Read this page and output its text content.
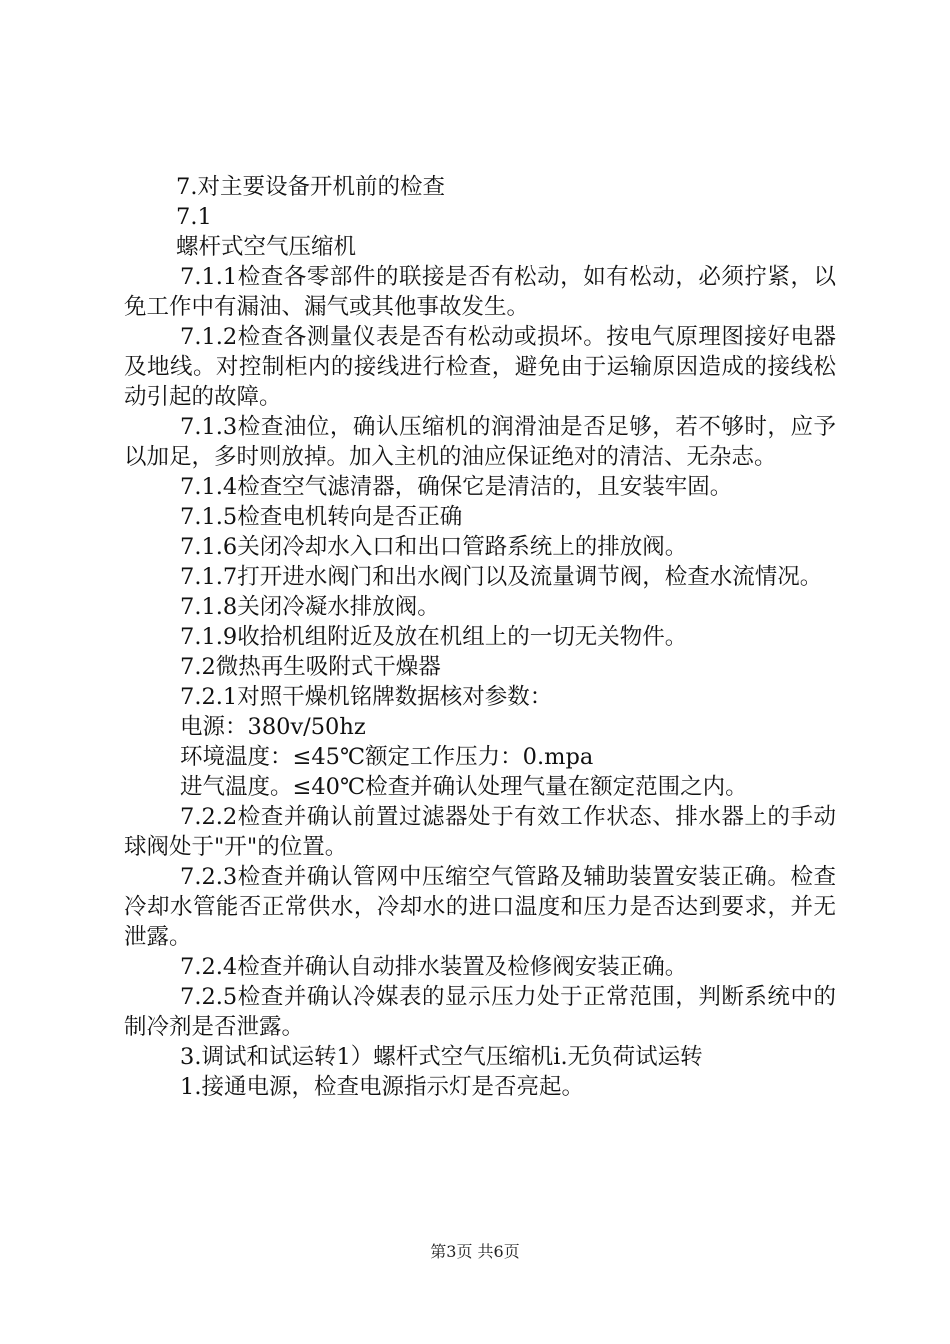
7.对主要设备开机前的检查
7.1
螺杆式空气压缩机
7.1.1检查各零部件的联接是否有松动，如有松动，必须拧紧，以免工作中有漏油、漏气或其他事故发生。
7.1.2检查各测量仪表是否有松动或损坏。按电气原理图接好电器及地线。对控制柜内的接线进行检查，避免由于运输原因造成的接线松动引起的故障。
7.1.3检查油位，确认压缩机的润滑油是否足够，若不够时，应予以加足，多时则放掉。加入主机的油应保证绝对的清洁、无杂志。
7.1.4检查空气滤清器，确保它是清洁的，且安装牢固。
7.1.5检查电机转向是否正确
7.1.6关闭冷却水入口和出口管路系统上的排放阀。
7.1.7打开进水阀门和出水阀门以及流量调节阀，检查水流情况。
7.1.8关闭冷凝水排放阀。
7.1.9收拾机组附近及放在机组上的一切无关物件。
7.2微热再生吸附式干燥器
7.2.1对照干燥机铭牌数据核对参数：
电源：380v/50hz
环境温度：≤45℃额定工作压力：0.mpa
进气温度。≤40℃检查并确认处理气量在额定范围之内。
7.2.2检查并确认前置过滤器处于有效工作状态、排水器上的手动球阀处于"开"的位置。
7.2.3检查并确认管网中压缩空气管路及辅助装置安装正确。检查冷却水管能否正常供水，冷却水的进口温度和压力是否达到要求，并无泄露。
7.2.4检查并确认自动排水装置及检修阀安装正确。
7.2.5检查并确认冷媒表的显示压力处于正常范围，判断系统中的制冷剂是否泄露。
3.调试和试运转1）螺杆式空气压缩机i.无负荷试运转
1.接通电源，检查电源指示灯是否亮起。
第3页 共6页
